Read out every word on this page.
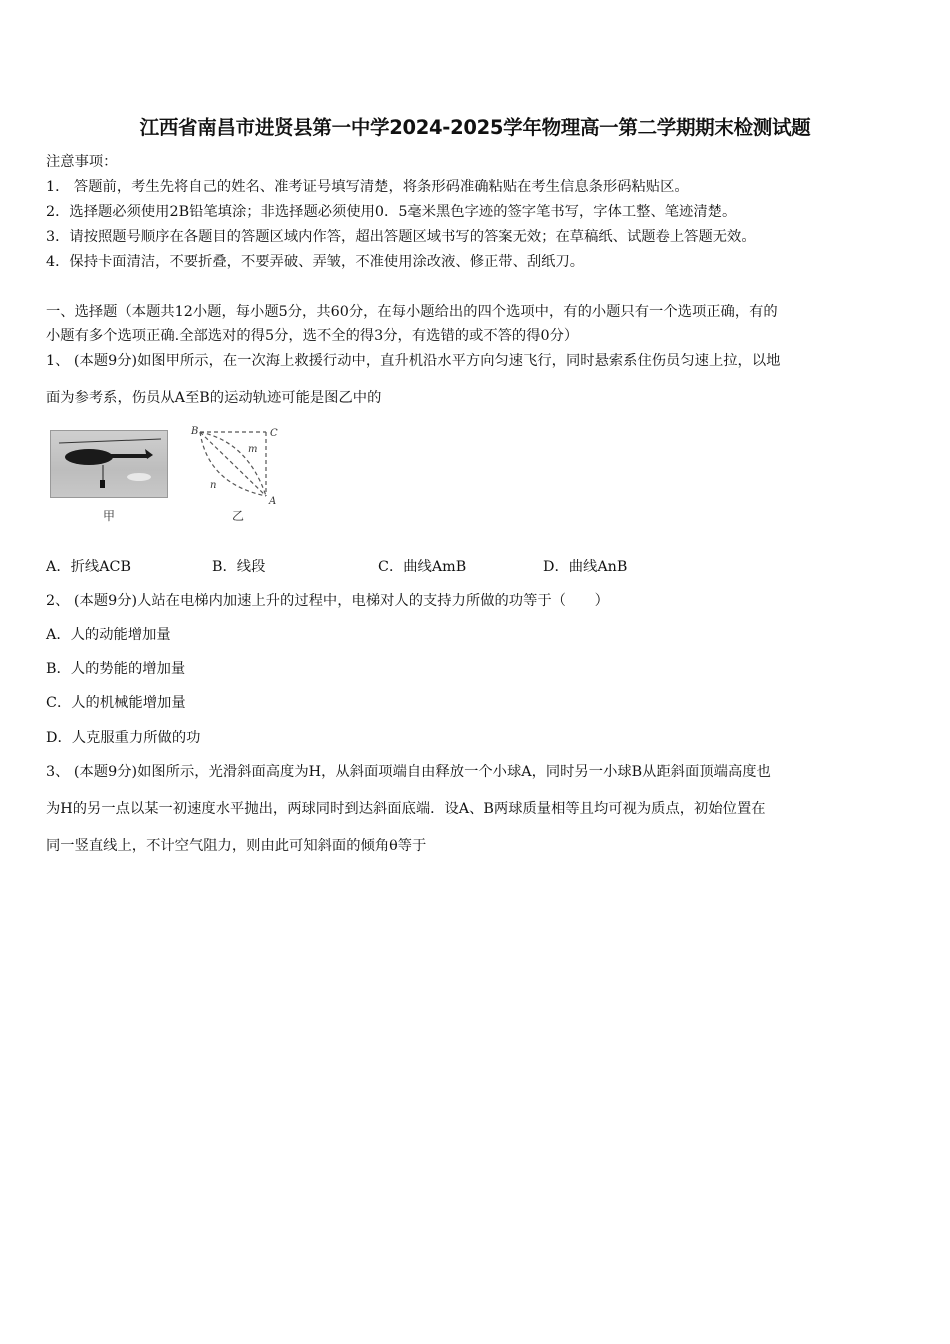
江西省南昌市进贤县第一中学2024-2025学年物理高一第二学期期末检测试题
注意事项：
1． 答题前，考生先将自己的姓名、准考证号填写清楚，将条形码准确粘贴在考生信息条形码粘贴区。
2．选择题必须使用2B铅笔填涂；非选择题必须使用0．5毫米黑色字迹的签字笔书写，字体工整、笔迹清楚。
3．请按照题号顺序在各题目的答题区域内作答，超出答题区域书写的答案无效；在草稿纸、试题卷上答题无效。
4．保持卡面清洁，不要折叠，不要弄破、弄皱，不准使用涂改液、修正带、刮纸刀。
一、选择题（本题共12小题，每小题5分，共60分，在每小题给出的四个选项中，有的小题只有一个选项正确，有的
小题有多个选项正确.全部选对的得5分，选不全的得3分，有选错的或不答的得0分）
1、 (本题9分)如图甲所示，在一次海上救援行动中，直升机沿水平方向匀速飞行，同时悬索系住伤员匀速上拉，以地
面为参考系，伤员从A至B的运动轨迹可能是图乙中的
甲
B	C
A
m
n
乙
A．折线ACB	B．线段	C．曲线AmB	D．曲线AnB
2、 (本题9分)人站在电梯内加速上升的过程中，电梯对人的支持力所做的功等于（　　）
A．人的动能增加量
B．人的势能的增加量
C．人的机械能增加量
D．人克服重力所做的功
3、 (本题9分)如图所示，光滑斜面高度为H，从斜面项端自由释放一个小球A，同时另一小球B从距斜面顶端高度也
为H的另一点以某一初速度水平抛出，两球同时到达斜面底端．设A、B两球质量相等且均可视为质点，初始位置在
同一竖直线上，不计空气阻力，则由此可知斜面的倾角θ等于
